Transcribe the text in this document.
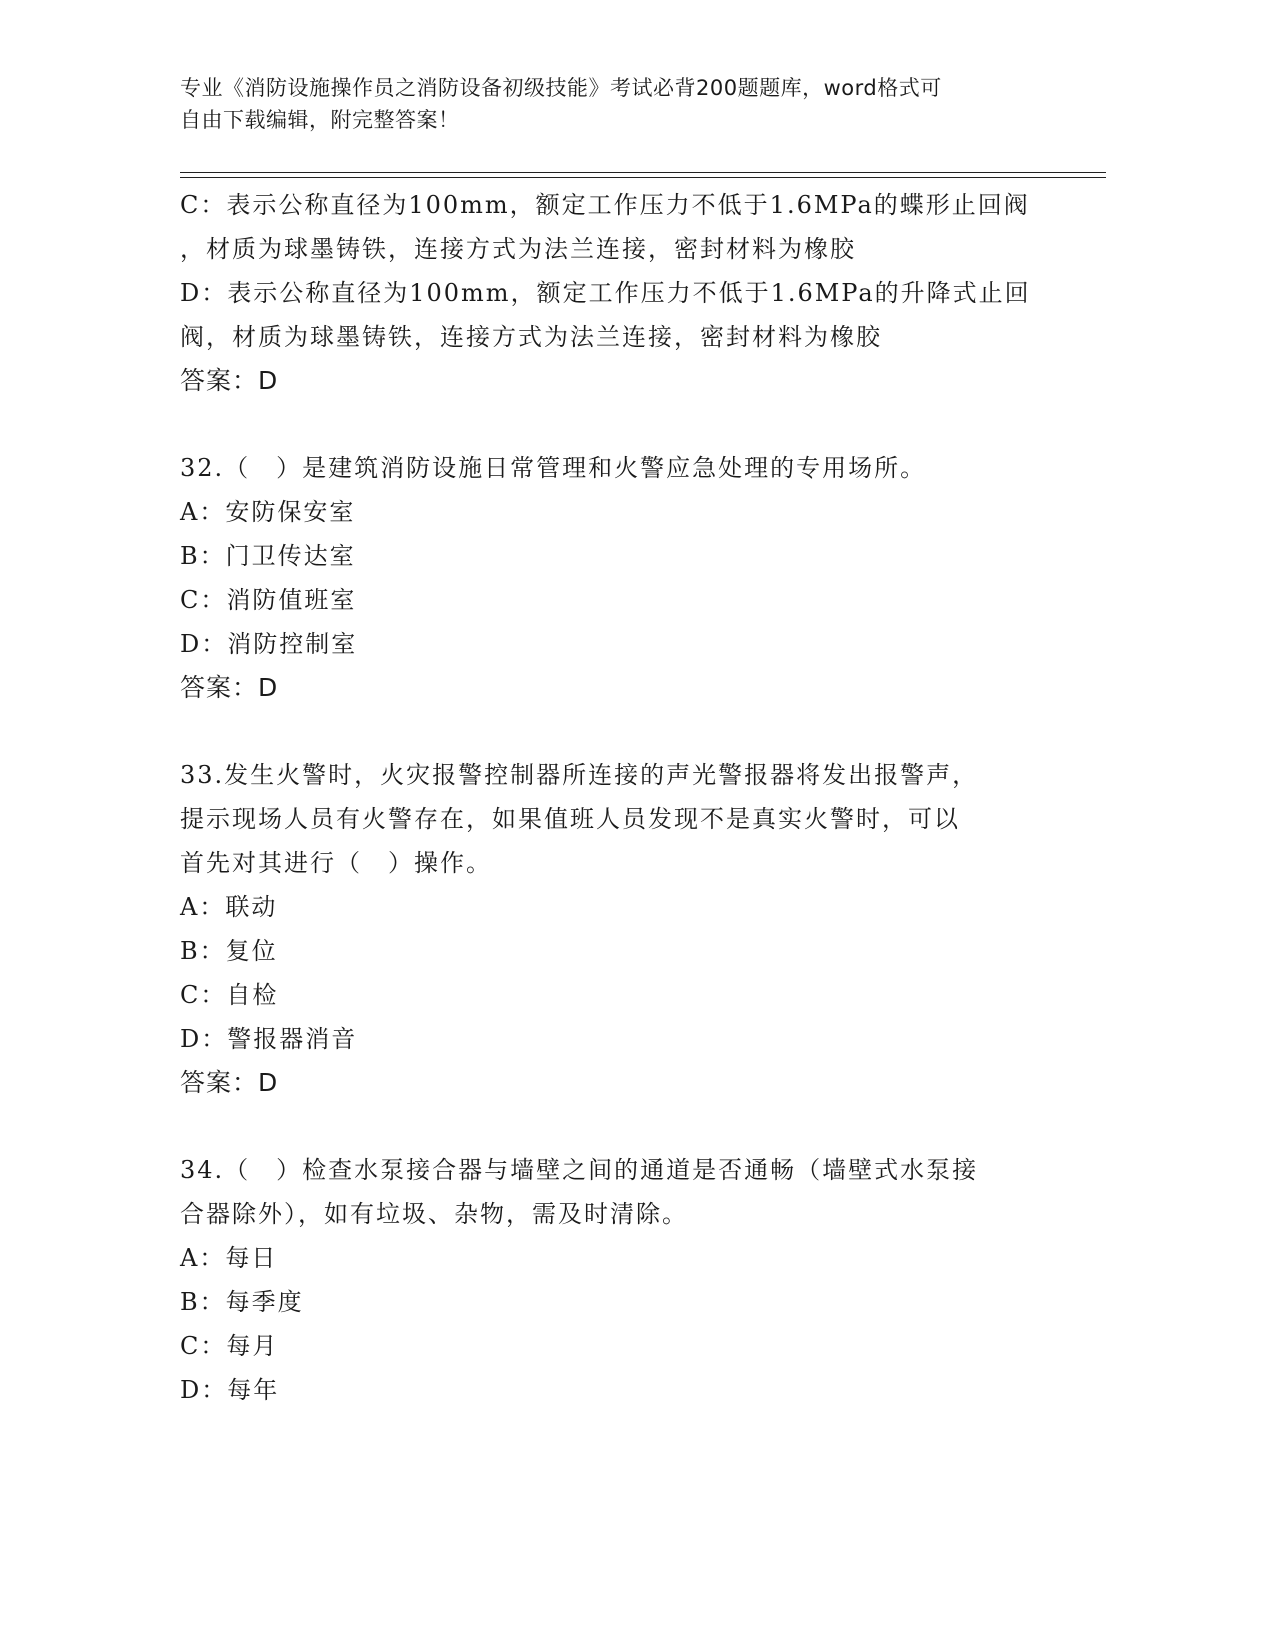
专业《消防设施操作员之消防设备初级技能》考试必背200题题库，word格式可
自由下载编辑，附完整答案！
C：表示公称直径为100mm，额定工作压力不低于1.6MPa的蝶形止回阀
，材质为球墨铸铁，连接方式为法兰连接，密封材料为橡胶
D：表示公称直径为100mm，额定工作压力不低于1.6MPa的升降式止回
阀，材质为球墨铸铁，连接方式为法兰连接，密封材料为橡胶
答案：D
32.（　）是建筑消防设施日常管理和火警应急处理的专用场所。
A：安防保安室
B：门卫传达室
C：消防值班室
D：消防控制室
答案：D
33.发生火警时，火灾报警控制器所连接的声光警报器将发出报警声，
提示现场人员有火警存在，如果值班人员发现不是真实火警时，可以
首先对其进行（　）操作。
A：联动
B：复位
C：自检
D：警报器消音
答案：D
34.（　）检查水泵接合器与墙壁之间的通道是否通畅（墙壁式水泵接
合器除外），如有垃圾、杂物，需及时清除。
A：每日
B：每季度
C：每月
D：每年
